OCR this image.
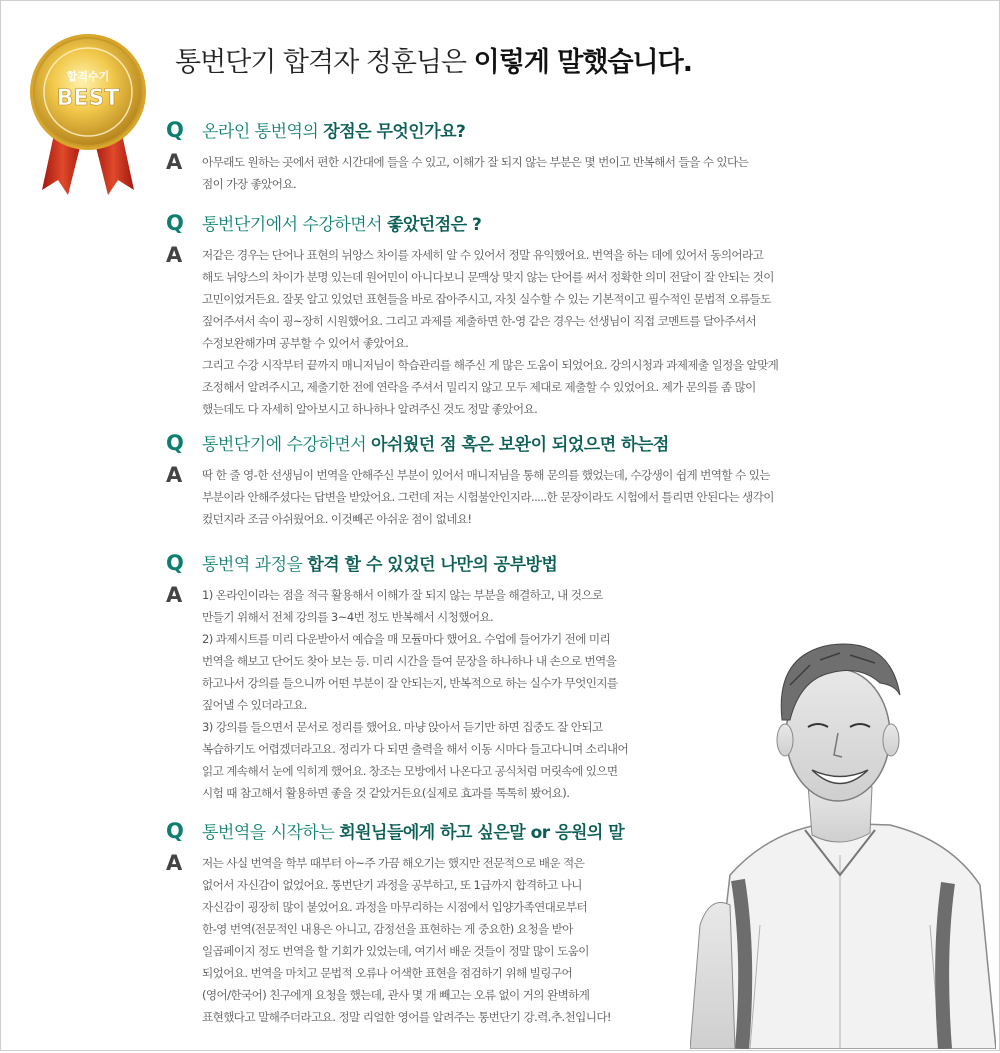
합격수기
BEST
통번단기 합격자 정훈님은 이렇게 말했습니다.
Q	온라인 통번역의 장점은 무엇인가요?
A	아무래도 원하는 곳에서 편한 시간대에 들을 수 있고, 이해가 잘 되지 않는 부분은 몇 번이고 반복해서 들을 수 있다는
점이 가장 좋았어요.
Q	통번단기에서 수강하면서 좋았던점은 ?
A	저같은 경우는 단어나 표현의 뉘앙스 차이를 자세히 알 수 있어서 정말 유익했어요. 번역을 하는 데에 있어서 동의어라고
해도 뉘앙스의 차이가 분명 있는데 원어민이 아니다보니 문맥상 맞지 않는 단어를 써서 정확한 의미 전달이 잘 안되는 것이
고민이었거든요. 잘못 알고 있었던 표현들을 바로 잡아주시고, 자칫 실수할 수 있는 기본적이고 필수적인 문법적 오류들도
짚어주셔서 속이 굉~장히 시원했어요. 그리고 과제를 제출하면 한-영 같은 경우는 선생님이 직접 코멘트를 달아주셔서
수정보완해가며 공부할 수 있어서 좋았어요.
그리고 수강 시작부터 끝까지 매니저님이 학습관리를 해주신 게 많은 도움이 되었어요. 강의시청과 과제제출 일정을 알맞게
조정해서 알려주시고, 제출기한 전에 연락을 주셔서 밀리지 않고 모두 제대로 제출할 수 있었어요. 제가 문의를 좀 많이
했는데도 다 자세히 알아보시고 하나하나 알려주신 것도 정말 좋았어요.
Q	통번단기에 수강하면서 아쉬웠던 점 혹은 보완이 되었으면 하는점
A	딱 한 줄 영-한 선생님이 번역을 안해주신 부분이 있어서 매니저님을 통해 문의를 했었는데, 수강생이 쉽게 번역할 수 있는
부분이라 안해주셨다는 답변을 받았어요. 그런데 저는 시험불안인지라.....한 문장이라도 시험에서 틀리면 안된다는 생각이
컸던지라 조금 아쉬웠어요. 이것빼곤 아쉬운 점이 없네요!
Q	통번역 과정을 합격 할 수 있었던 나만의 공부방법
A	1) 온라인이라는 점을 적극 활용해서 이해가 잘 되지 않는 부분을 해결하고, 내 것으로
만들기 위해서 전체 강의를 3~4번 정도 반복해서 시청했어요.
2) 과제시트를 미리 다운받아서 예습을 매 모듈마다 했어요. 수업에 들어가기 전에 미리
번역을 해보고 단어도 찾아 보는 등. 미리 시간을 들여 문장을 하나하나 내 손으로 번역을
하고나서 강의를 들으니까 어떤 부분이 잘 안되는지, 반복적으로 하는 실수가 무엇인지를
짚어낼 수 있더라고요.
3) 강의를 들으면서 문서로 정리를 했어요. 마냥 앉아서 듣기만 하면 집중도 잘 안되고
복습하기도 어렵겠더라고요. 정리가 다 되면 출력을 해서 이동 시마다 들고다니며 소리내어
읽고 계속해서 눈에 익히게 했어요. 창조는 모방에서 나온다고 공식처럼 머릿속에 있으면
시험 때 참고해서 활용하면 좋을 것 같았거든요(실제로 효과를 톡톡히 봤어요).
Q	통번역을 시작하는 회원님들에게 하고 싶은말 or 응원의 말
A	저는 사실 번역을 학부 때부터 아~주 가끔 해오기는 했지만 전문적으로 배운 적은
없어서 자신감이 없었어요. 통번단기 과정을 공부하고, 또 1급까지 합격하고 나니
자신감이 굉장히 많이 붙었어요. 과정을 마무리하는 시점에서 입양가족연대로부터
한-영 번역(전문적인 내용은 아니고, 감정선을 표현하는 게 중요한) 요청을 받아
일곱페이지 정도 번역을 할 기회가 있었는데, 여기서 배운 것들이 정말 많이 도움이
되었어요. 번역을 마치고 문법적 오류나 어색한 표현을 점검하기 위해 빌링구어
(영어/한국어) 친구에게 요청을 했는데, 관사 몇 개 빼고는 오류 없이 거의 완벽하게
표현했다고 말해주더라고요. 정말 리얼한 영어를 알려주는 통번단기 강.력.추.천입니다!
